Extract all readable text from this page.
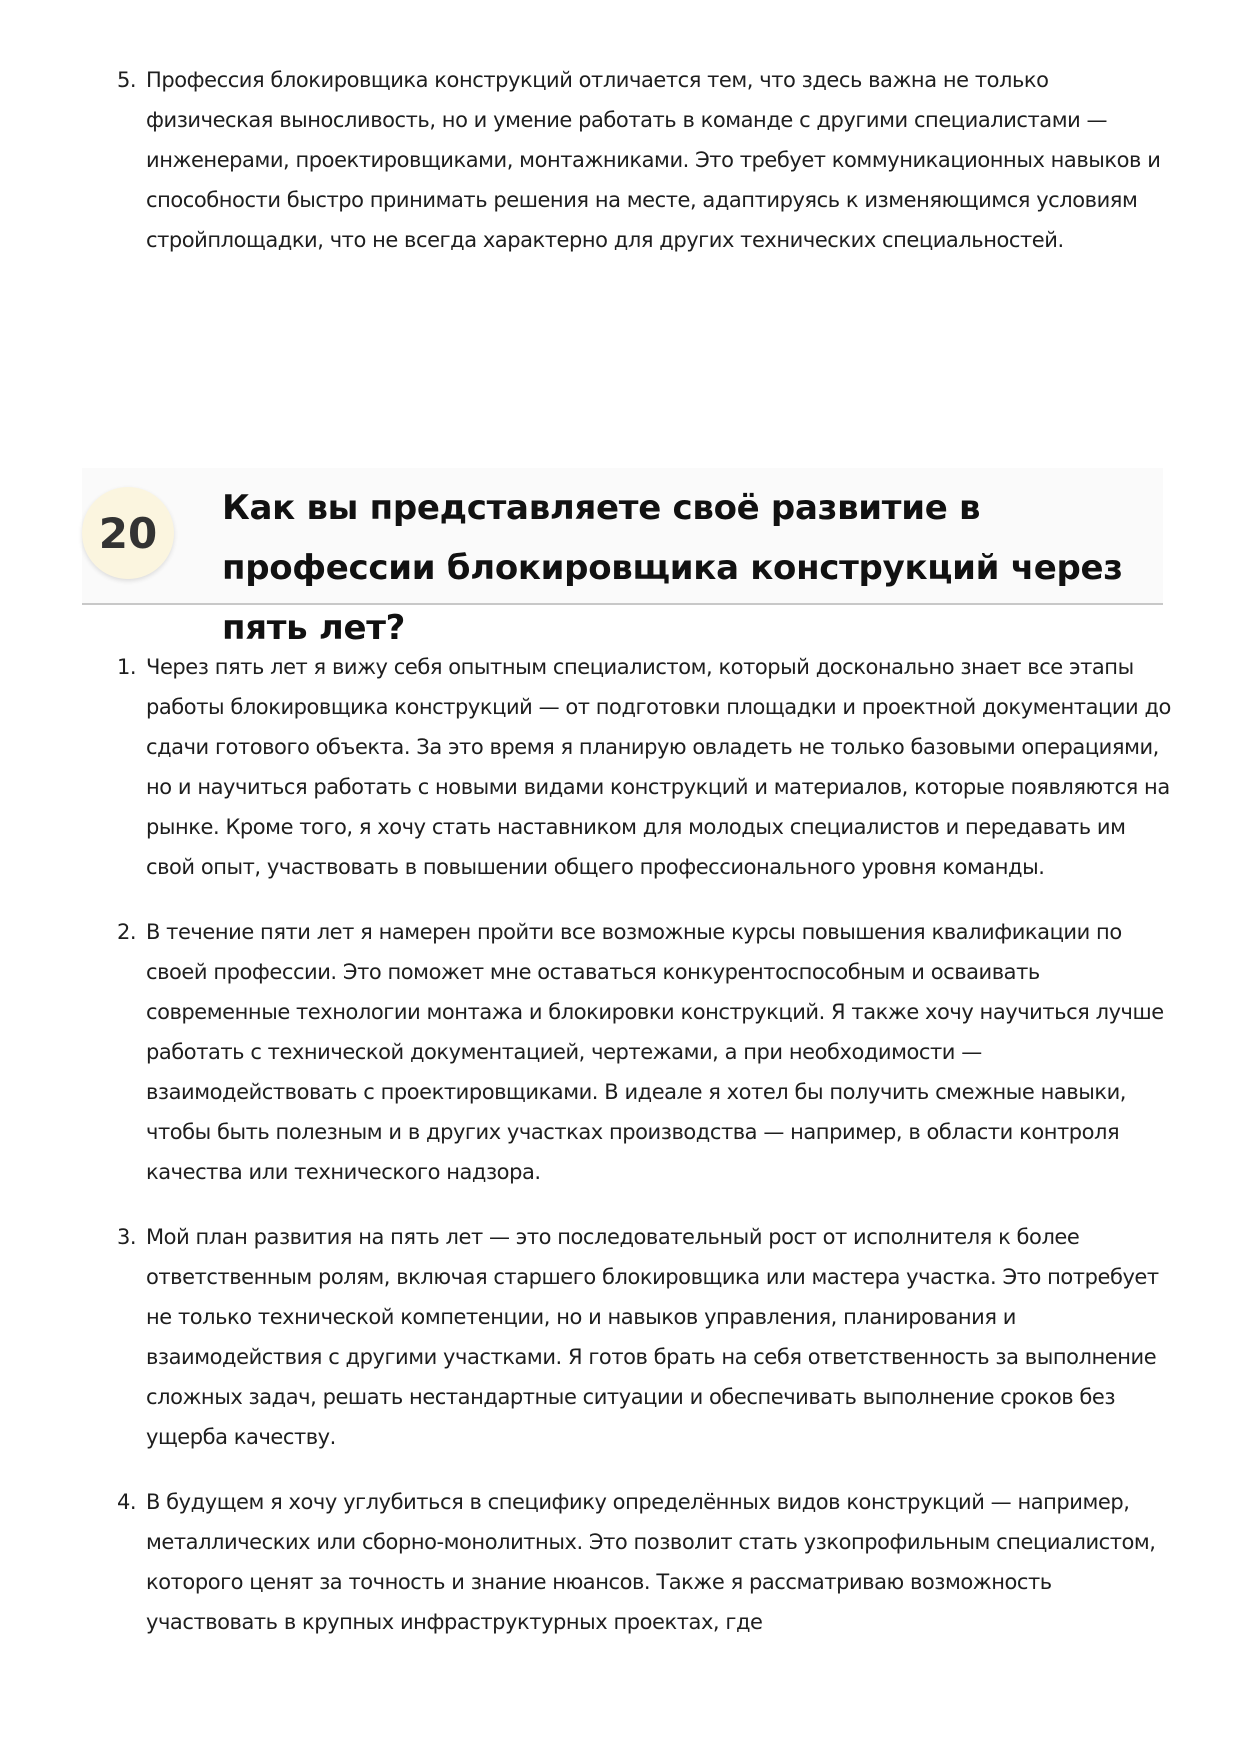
5. Профессия блокировщика конструкций отличается тем, что здесь важна не только физическая выносливость, но и умение работать в команде с другими специалистами — инженерами, проектировщиками, монтажниками. Это требует коммуникационных навыков и способности быстро принимать решения на месте, адаптируясь к изменяющимся условиям стройплощадки, что не всегда характерно для других технических специальностей.
20
Как вы представляете своё развитие в профессии блокировщика конструкций через пять лет?
1. Через пять лет я вижу себя опытным специалистом, который досконально знает все этапы работы блокировщика конструкций — от подготовки площадки и проектной документации до сдачи готового объекта. За это время я планирую овладеть не только базовыми операциями, но и научиться работать с новыми видами конструкций и материалов, которые появляются на рынке. Кроме того, я хочу стать наставником для молодых специалистов и передавать им свой опыт, участвовать в повышении общего профессионального уровня команды.
2. В течение пяти лет я намерен пройти все возможные курсы повышения квалификации по своей профессии. Это поможет мне оставаться конкурентоспособным и осваивать современные технологии монтажа и блокировки конструкций. Я также хочу научиться лучше работать с технической документацией, чертежами, а при необходимости — взаимодействовать с проектировщиками. В идеале я хотел бы получить смежные навыки, чтобы быть полезным и в других участках производства — например, в области контроля качества или технического надзора.
3. Мой план развития на пять лет — это последовательный рост от исполнителя к более ответственным ролям, включая старшего блокировщика или мастера участка. Это потребует не только технической компетенции, но и навыков управления, планирования и взаимодействия с другими участками. Я готов брать на себя ответственность за выполнение сложных задач, решать нестандартные ситуации и обеспечивать выполнение сроков без ущерба качеству.
4. В будущем я хочу углубиться в специфику определённых видов конструкций — например, металлических или сборно-монолитных. Это позволит стать узкопрофильным специалистом, которого ценят за точность и знание нюансов. Также я рассматриваю возможность участвовать в крупных инфраструктурных проектах, где
